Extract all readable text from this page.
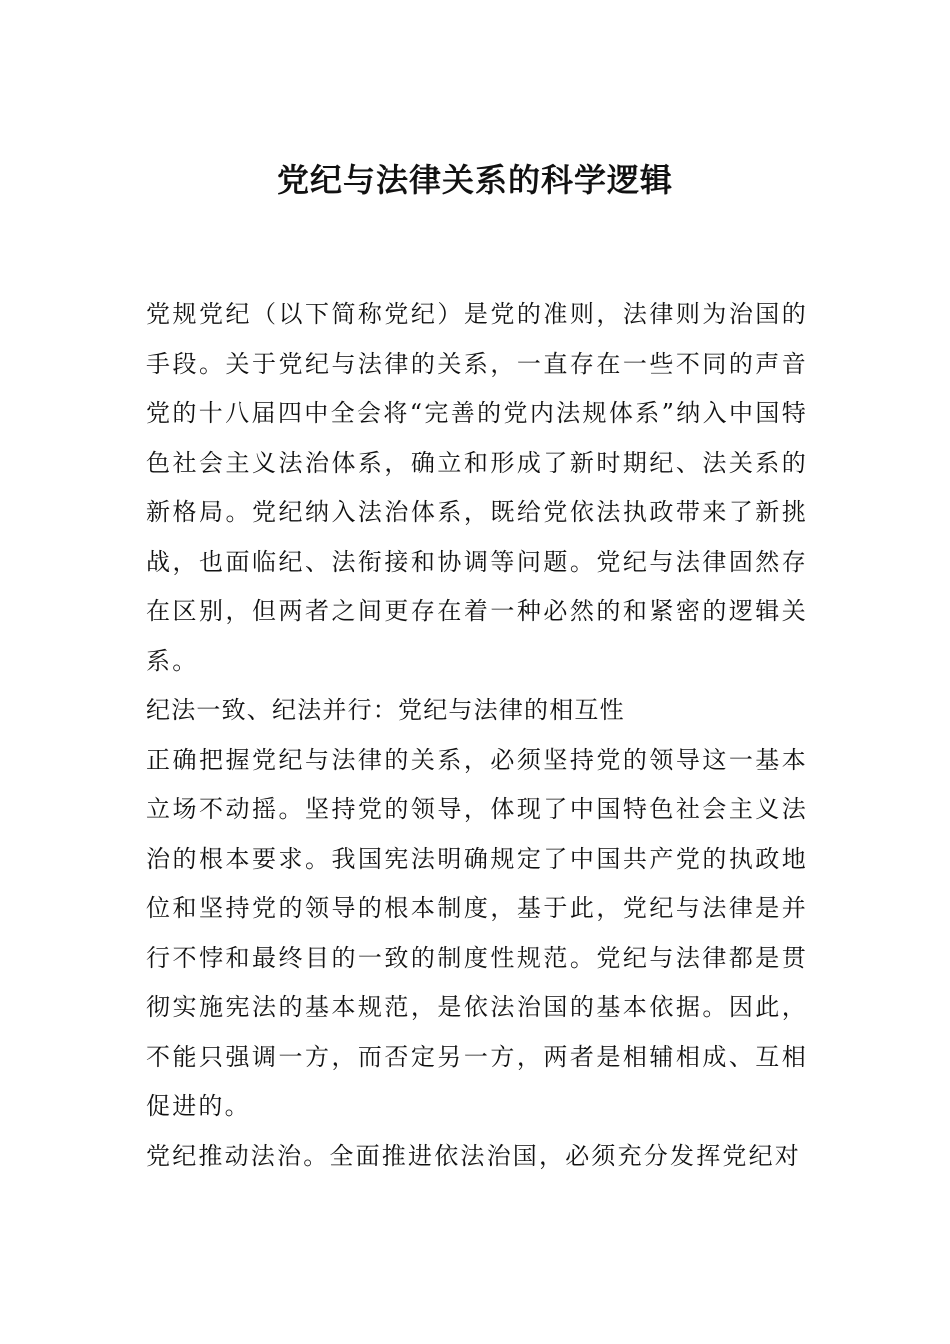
党纪与法律关系的科学逻辑

党规党纪（以下简称党纪）是党的准则，法律则为治国的手段。关于党纪与法律的关系，一直存在一些不同的声音党的十八届四中全会将“完善的党内法规体系”纳入中国特色社会主义法治体系，确立和形成了新时期纪、法关系的新格局。党纪纳入法治体系，既给党依法执政带来了新挑战，也面临纪、法衔接和协调等问题。党纪与法律固然存在区别，但两者之间更存在着一种必然的和紧密的逻辑关系。

纪法一致、纪法并行：党纪与法律的相互性

正确把握党纪与法律的关系，必须坚持党的领导这一基本立场不动摇。坚持党的领导，体现了中国特色社会主义法治的根本要求。我国宪法明确规定了中国共产党的执政地位和坚持党的领导的根本制度，基于此，党纪与法律是并行不悖和最终目的一致的制度性规范。党纪与法律都是贯彻实施宪法的基本规范，是依法治国的基本依据。因此，不能只强调一方，而否定另一方，两者是相辅相成、互相促进的。

党纪推动法治。全面推进依法治国，必须充分发挥党纪对
